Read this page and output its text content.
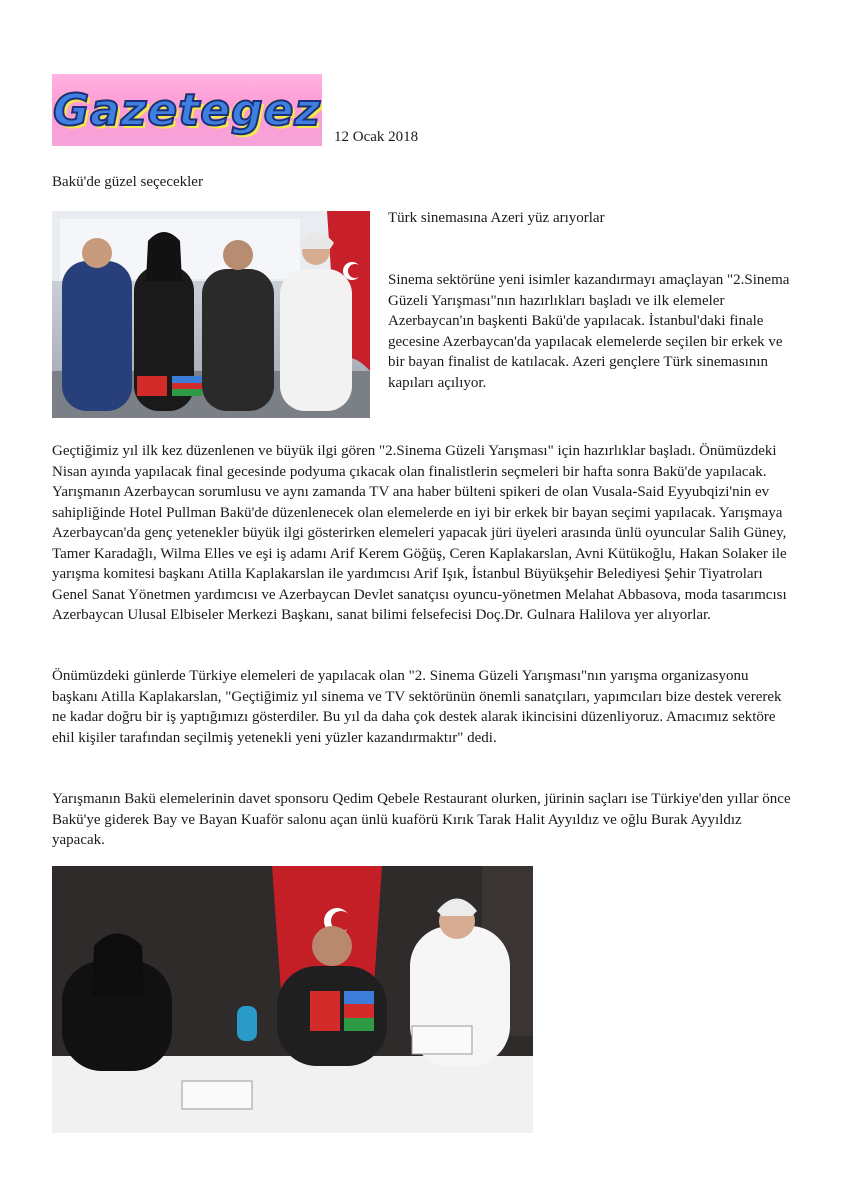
Gazetegez
12 Ocak 2018
Bakü'de güzel seçecekler
Türk sinemasına Azeri yüz arıyorlar

Sinema sektörüne yeni isimler kazandırmayı amaçlayan "2.Sinema Güzeli Yarışması"nın hazırlıkları başladı ve ilk elemeler Azerbaycan'ın başkenti Bakü'de yapılacak. İstanbul'daki finale gecesine Azerbaycan'da yapılacak elemelerde seçilen bir erkek ve bir bayan finalist de katılacak. Azeri gençlere Türk sinemasının kapıları açılıyor.

Geçtiğimiz yıl ilk kez düzenlenen ve büyük ilgi gören "2.Sinema Güzeli Yarışması" için hazırlıklar başladı. Önümüzdeki Nisan ayında yapılacak final gecesinde podyuma çıkacak olan finalistlerin seçmeleri bir hafta sonra Bakü'de yapılacak. Yarışmanın Azerbaycan sorumlusu ve aynı zamanda TV ana haber bülteni spikeri de olan Vusala-Said Eyyubqizi'nin ev sahipliğinde Hotel Pullman Bakü'de düzenlenecek olan elemelerde en iyi bir erkek bir bayan seçimi yapılacak. Yarışmaya Azerbaycan'da genç yetenekler büyük ilgi gösterirken elemeleri yapacak jüri üyeleri arasında ünlü oyuncular Salih Güney, Tamer Karadağlı, Wilma Elles ve eşi iş adamı Arif Kerem Göğüş, Ceren Kaplakarslan, Avni Kütükoğlu, Hakan Solaker ile yarışma komitesi başkanı Atilla Kaplakarslan ile yardımcısı Arif Işık, İstanbul Büyükşehir Belediyesi Şehir Tiyatroları Genel Sanat Yönetmen yardımcısı ve Azerbaycan Devlet sanatçısı oyuncu-yönetmen Melahat Abbasova, moda tasarımcısı Azerbaycan Ulusal Elbiseler Merkezi Başkanı, sanat bilimi felsefecisi Doç.Dr. Gulnara Halilova yer alıyorlar.

Önümüzdeki günlerde Türkiye elemeleri de yapılacak olan "2. Sinema Güzeli Yarışması"nın yarışma organizasyonu başkanı Atilla Kaplakarslan, "Geçtiğimiz yıl sinema ve TV sektörünün önemli sanatçıları, yapımcıları bize destek vererek ne kadar doğru bir iş yaptığımızı gösterdiler. Bu yıl da daha çok destek alarak ikincisini düzenliyoruz. Amacımız sektöre ehil kişiler tarafından seçilmiş yetenekli yeni yüzler kazandırmaktır" dedi.

Yarışmanın Bakü elemelerinin davet sponsoru Qedim Qebele Restaurant olurken, jürinin saçları ise Türkiye'den yıllar önce Bakü'ye giderek Bay ve Bayan Kuaför salonu açan ünlü kuaförü Kırık Tarak Halit Ayyıldız ve oğlu Burak Ayyıldız yapacak.
